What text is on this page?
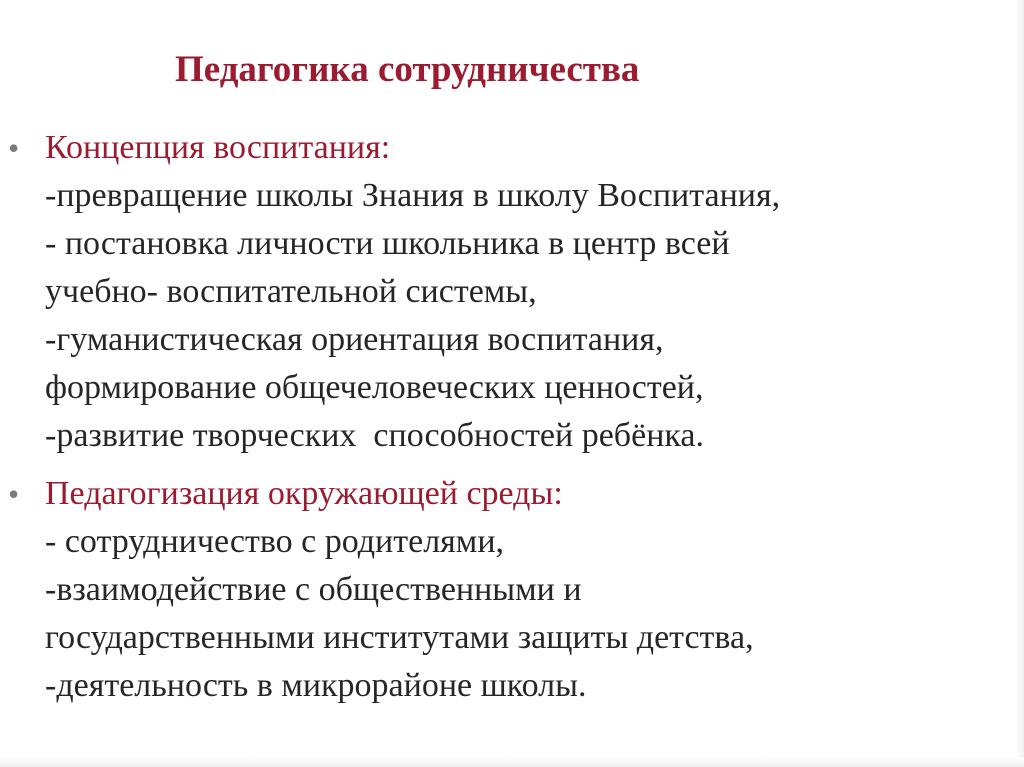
Педагогика сотрудничества
• Концепция воспитания:
-превращение школы Знания в школу Воспитания,
- постановка личности школьника в центр всей
учебно- воспитательной системы,
-гуманистическая ориентация воспитания,
формирование общечеловеческих ценностей,
-развитие творческих  способностей ребёнка.
• Педагогизация окружающей среды:
- сотрудничество с родителями,
-взаимодействие с общественными и
государственными институтами защиты детства,
-деятельность в микрорайоне школы.
